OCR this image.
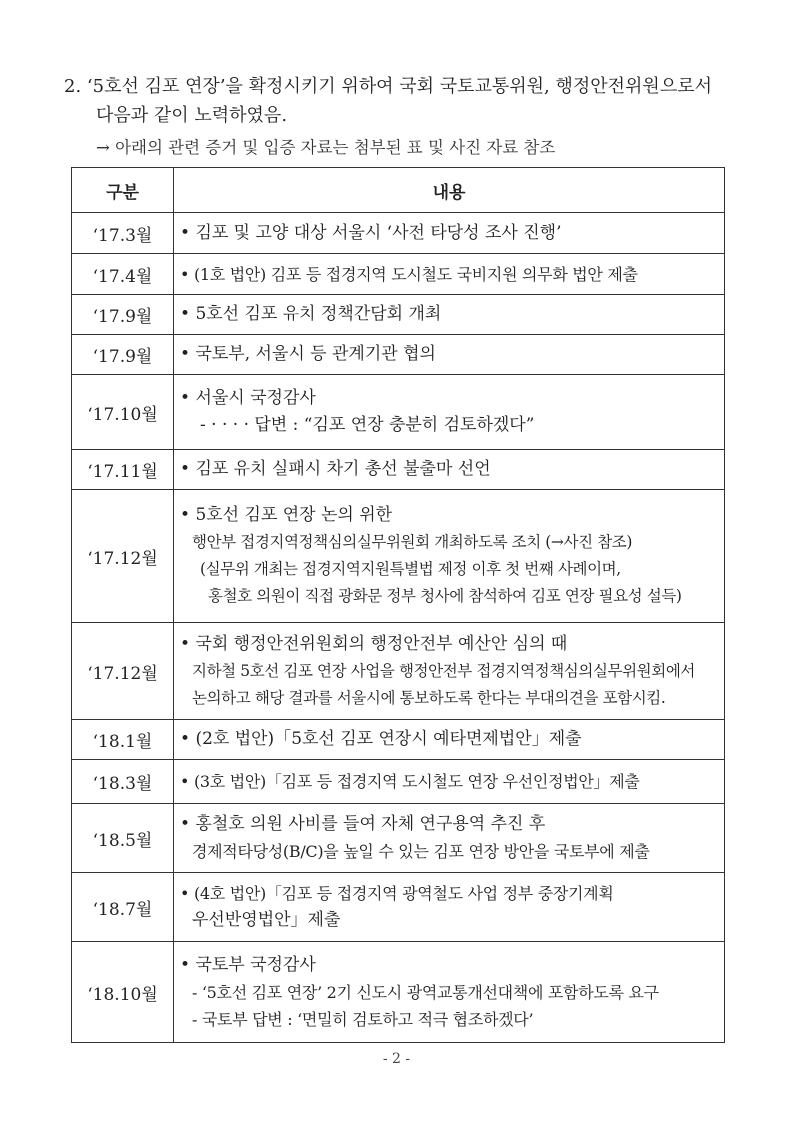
2. ‘5호선 김포 연장’을 확정시키기 위하여 국회 국토교통위원, 행정안전위원으로서
다음과 같이 노력하였음.
→ 아래의 관련 증거 및 입증 자료는 첨부된 표 및 사진 자료 참조
구분	내용
‘17.3월	• 김포 및 고양 대상 서울시 ‘사전 타당성 조사 진행’

‘17.4월	• (1호 법안) 김포 등 접경지역 도시철도 국비지원 의무화 법안 제출

‘17.9월	• 5호선 김포 유치 정책간담회 개최

‘17.9월	• 국토부, 서울시 등 관계기관 협의

‘17.10월	• 서울시 국정감사
- · · · · 답변 : “김포 연장 충분히 검토하겠다”

‘17.11월	• 김포 유치 실패시 차기 총선 불출마 선언

‘17.12월	• 5호선 김포 연장 논의 위한
행안부 접경지역정책심의실무위원회 개최하도록 조치 (→사진 참조)
(실무위 개최는 접경지역지원특별법 제정 이후 첫 번째 사례이며,
홍철호 의원이 직접 광화문 정부 청사에 참석하여 김포 연장 필요성 설득)

‘17.12월	• 국회 행정안전위원회의 행정안전부 예산안 심의 때
지하철 5호선 김포 연장 사업을 행정안전부 접경지역정책심의실무위원회에서
논의하고 해당 결과를 서울시에 통보하도록 한다는 부대의견을 포함시킴.

‘18.1월	• (2호 법안)「5호선 김포 연장시 예타면제법안」제출

‘18.3월	• (3호 법안)「김포 등 접경지역 도시철도 연장 우선인정법안」제출

‘18.5월	• 홍철호 의원 사비를 들여 자체 연구용역 추진 후
경제적타당성(B/C)을 높일 수 있는 김포 연장 방안을 국토부에 제출

‘18.7월	• (4호 법안)「김포 등 접경지역 광역철도 사업 정부 중장기계획
우선반영법안」제출

‘18.10월	• 국토부 국정감사
- ‘5호선 김포 연장’ 2기 신도시 광역교통개선대책에 포함하도록 요구
- 국토부 답변 : ‘면밀히 검토하고 적극 협조하겠다’
- 2 -
